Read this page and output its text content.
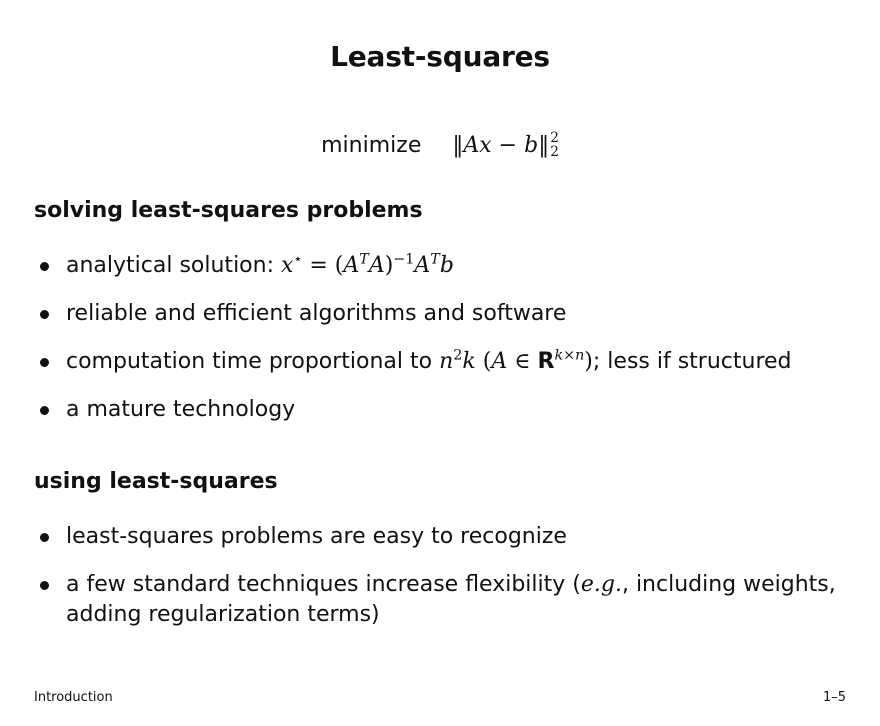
Least-squares
minimize ‖Ax − b‖ 2
2
solving least-squares problems
analytical solution: $x^⋆ = (A^TA)^{-1}A^Tb$
reliable and efficient algorithms and software
computation time proportional to $n^2k$ (A ∈ $R^{k\times n}$); less if structured
a mature technology
using least-squares
least-squares problems are easy to recognize
a few standard techniques increase flexibility (e.g., including weights,
adding regularization terms)
Introduction	1–5
